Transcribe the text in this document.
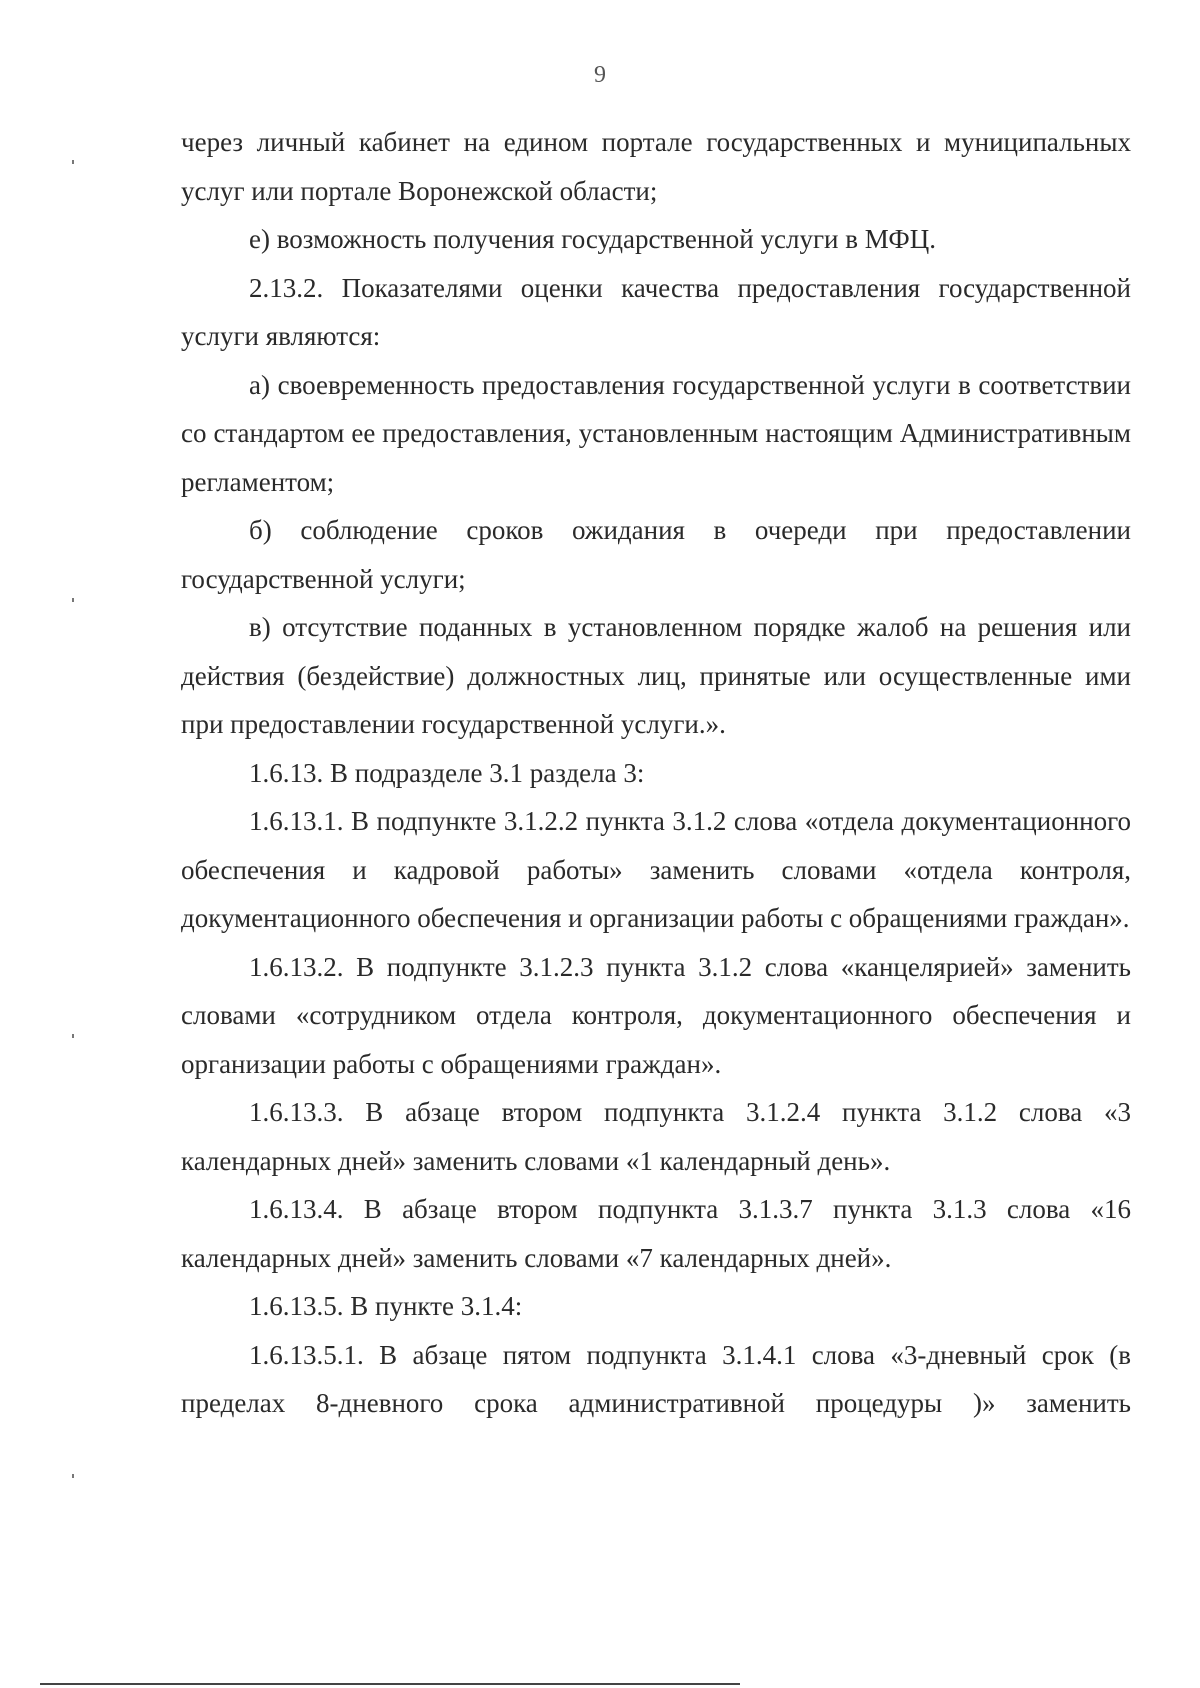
9

через личный кабинет на едином портале государственных и муниципальных услуг или портале Воронежской области;

е) возможность получения государственной услуги в МФЦ.

2.13.2. Показателями оценки качества предоставления государственной услуги являются:

а) своевременность предоставления государственной услуги в соответствии со стандартом ее предоставления, установленным настоящим Административным регламентом;

б) соблюдение сроков ожидания в очереди при предоставлении государственной услуги;

в) отсутствие поданных в установленном порядке жалоб на решения или действия (бездействие) должностных лиц, принятые или осуществленные ими при предоставлении государственной услуги.».

1.6.13. В подразделе 3.1 раздела 3:

1.6.13.1. В подпункте 3.1.2.2 пункта 3.1.2 слова «отдела документационного обеспечения и кадровой работы» заменить словами «отдела контроля, документационного обеспечения и организации работы с обращениями граждан».

1.6.13.2. В подпункте 3.1.2.3 пункта 3.1.2 слова «канцелярией» заменить словами «сотрудником отдела контроля, документационного обеспечения и организации работы с обращениями граждан».

1.6.13.3. В абзаце втором подпункта 3.1.2.4 пункта 3.1.2 слова «3 календарных дней» заменить словами «1 календарный день».

1.6.13.4. В абзаце втором подпункта 3.1.3.7 пункта 3.1.3 слова «16 календарных дней» заменить словами «7 календарных дней».

1.6.13.5. В пункте 3.1.4:

1.6.13.5.1. В абзаце пятом подпункта 3.1.4.1 слова «3-дневный срок (в пределах 8-дневного срока административной процедуры )» заменить
